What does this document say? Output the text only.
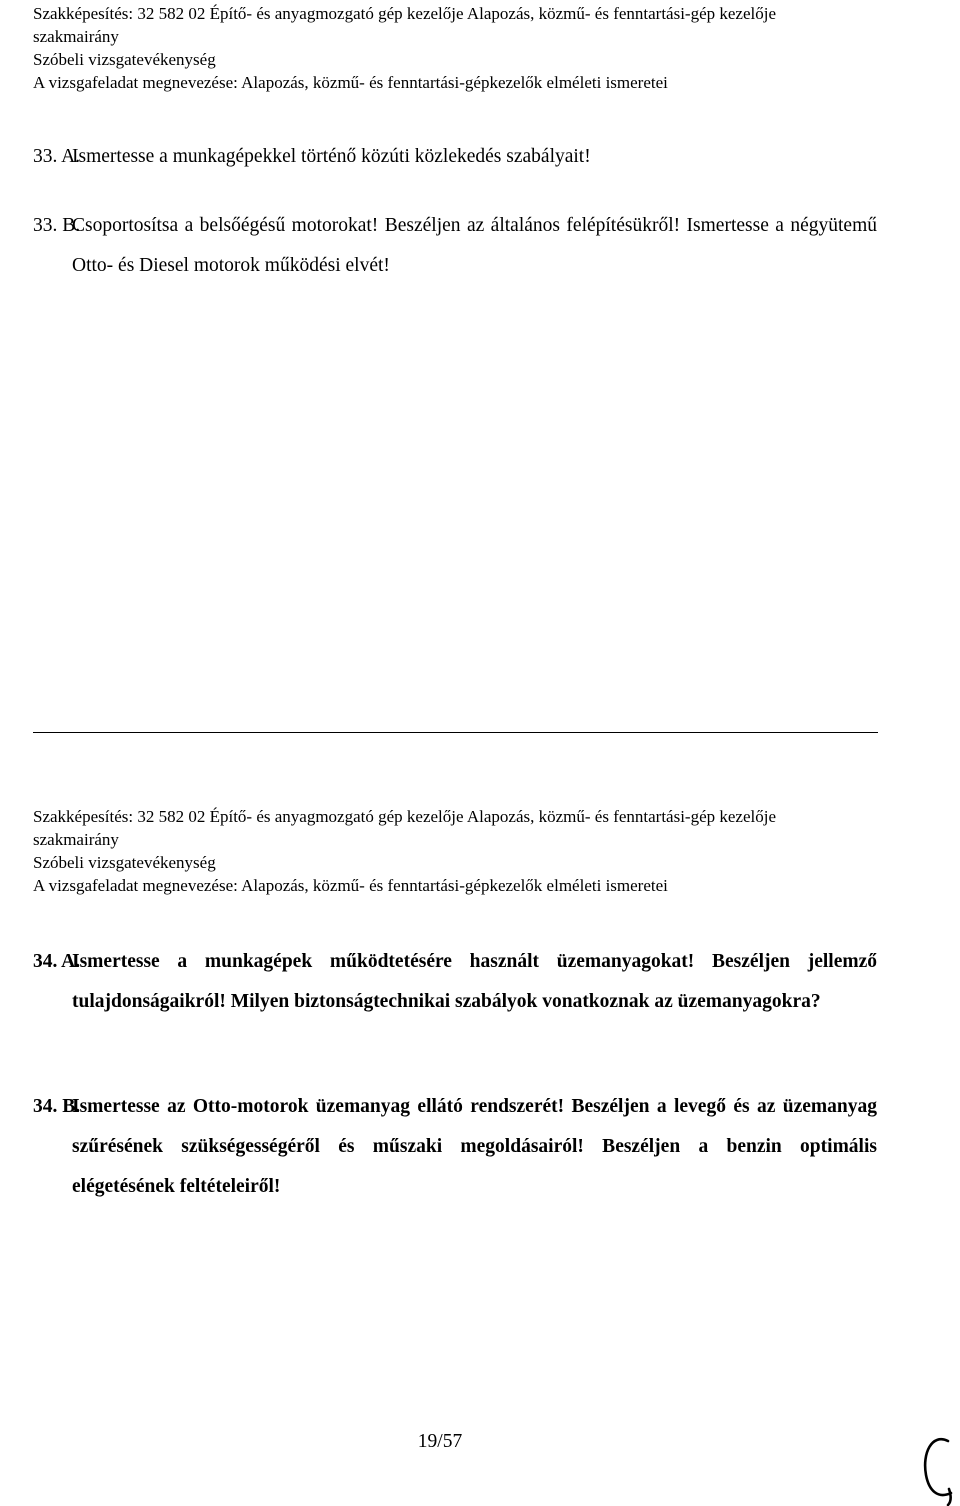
Szakképesítés: 32 582 02 Építő- és anyagmozgató gép kezelője Alapozás, közmű- és fenntartási-gép kezelője
szakmairány
Szóbeli vizsgatevékenység
A vizsgafeladat megnevezése: Alapozás, közmű- és fenntartási-gépkezelők elméleti ismeretei
33. A.
Ismertesse a munkagépekkel történő közúti közlekedés szabályait!
33. B.
Csoportosítsa a belsőégésű motorokat! Beszéljen az általános felépítésükről! Ismertesse a négyütemű Otto- és Diesel motorok működési elvét!
Szakképesítés: 32 582 02 Építő- és anyagmozgató gép kezelője Alapozás, közmű- és fenntartási-gép kezelője
szakmairány
Szóbeli vizsgatevékenység
A vizsgafeladat megnevezése: Alapozás, közmű- és fenntartási-gépkezelők elméleti ismeretei
34. A.
Ismertesse a munkagépek működtetésére használt üzemanyagokat! Beszéljen jellemző tulajdonságaikról! Milyen biztonságtechnikai szabályok vonatkoznak az üzemanyagokra?
34. B.
Ismertesse az Otto-motorok üzemanyag ellátó rendszerét! Beszéljen a levegő és az üzemanyag szűrésének szükségességéről és műszaki megoldásairól! Beszéljen a benzin optimális elégetésének feltételeiről!
19/57
